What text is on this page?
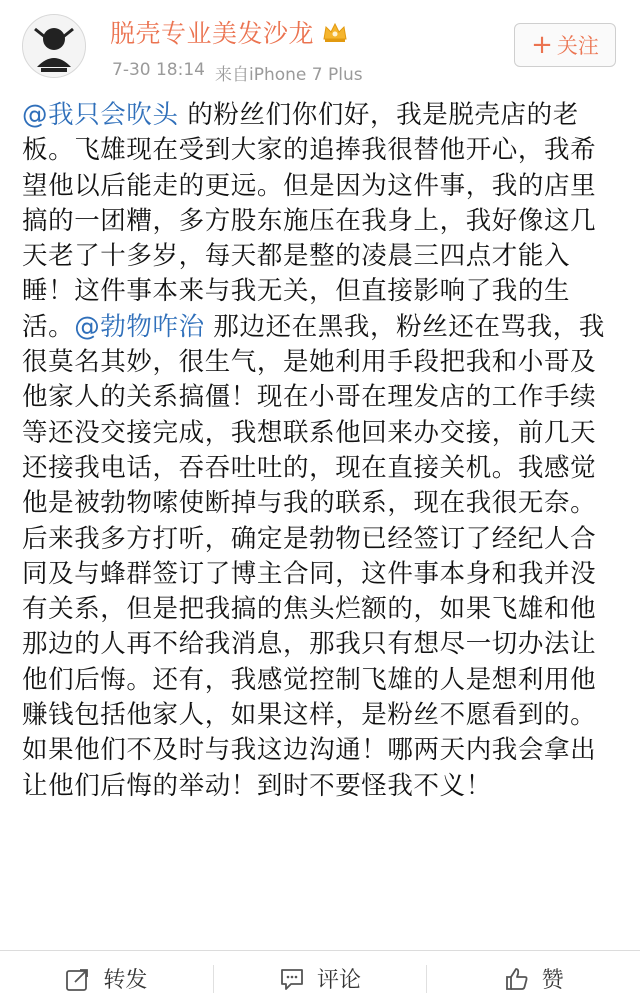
脱壳专业美发沙龙
7-30 18:14 来自iPhone 7 Plus
+ 关注
@我只会吹头 的粉丝们你们好，我是脱壳店的老板。飞雄现在受到大家的追捧我很替他开心，我希望他以后能走的更远。但是因为这件事，我的店里搞的一团糟，多方股东施压在我身上，我好像这几天老了十多岁，每天都是整的凌晨三四点才能入睡！这件事本来与我无关，但直接影响了我的生活。@勃物咋治 那边还在黑我，粉丝还在骂我，我很莫名其妙，很生气，是她利用手段把我和小哥及他家人的关系搞僵！现在小哥在理发店的工作手续等还没交接完成，我想联系他回来办交接，前几天还接我电话，吞吞吐吐的，现在直接关机。我感觉他是被勃物嗦使断掉与我的联系，现在我很无奈。后来我多方打听，确定是勃物已经签订了经纪人合同及与蜂群签订了博主合同，这件事本身和我并没有关系，但是把我搞的焦头烂额的，如果飞雄和他那边的人再不给我消息，那我只有想尽一切办法让他们后悔。还有，我感觉控制飞雄的人是想利用他赚钱包括他家人，如果这样，是粉丝不愿看到的。如果他们不及时与我这边沟通！哪两天内我会拿出让他们后悔的举动！到时不要怪我不义！
转发	评论	赞
